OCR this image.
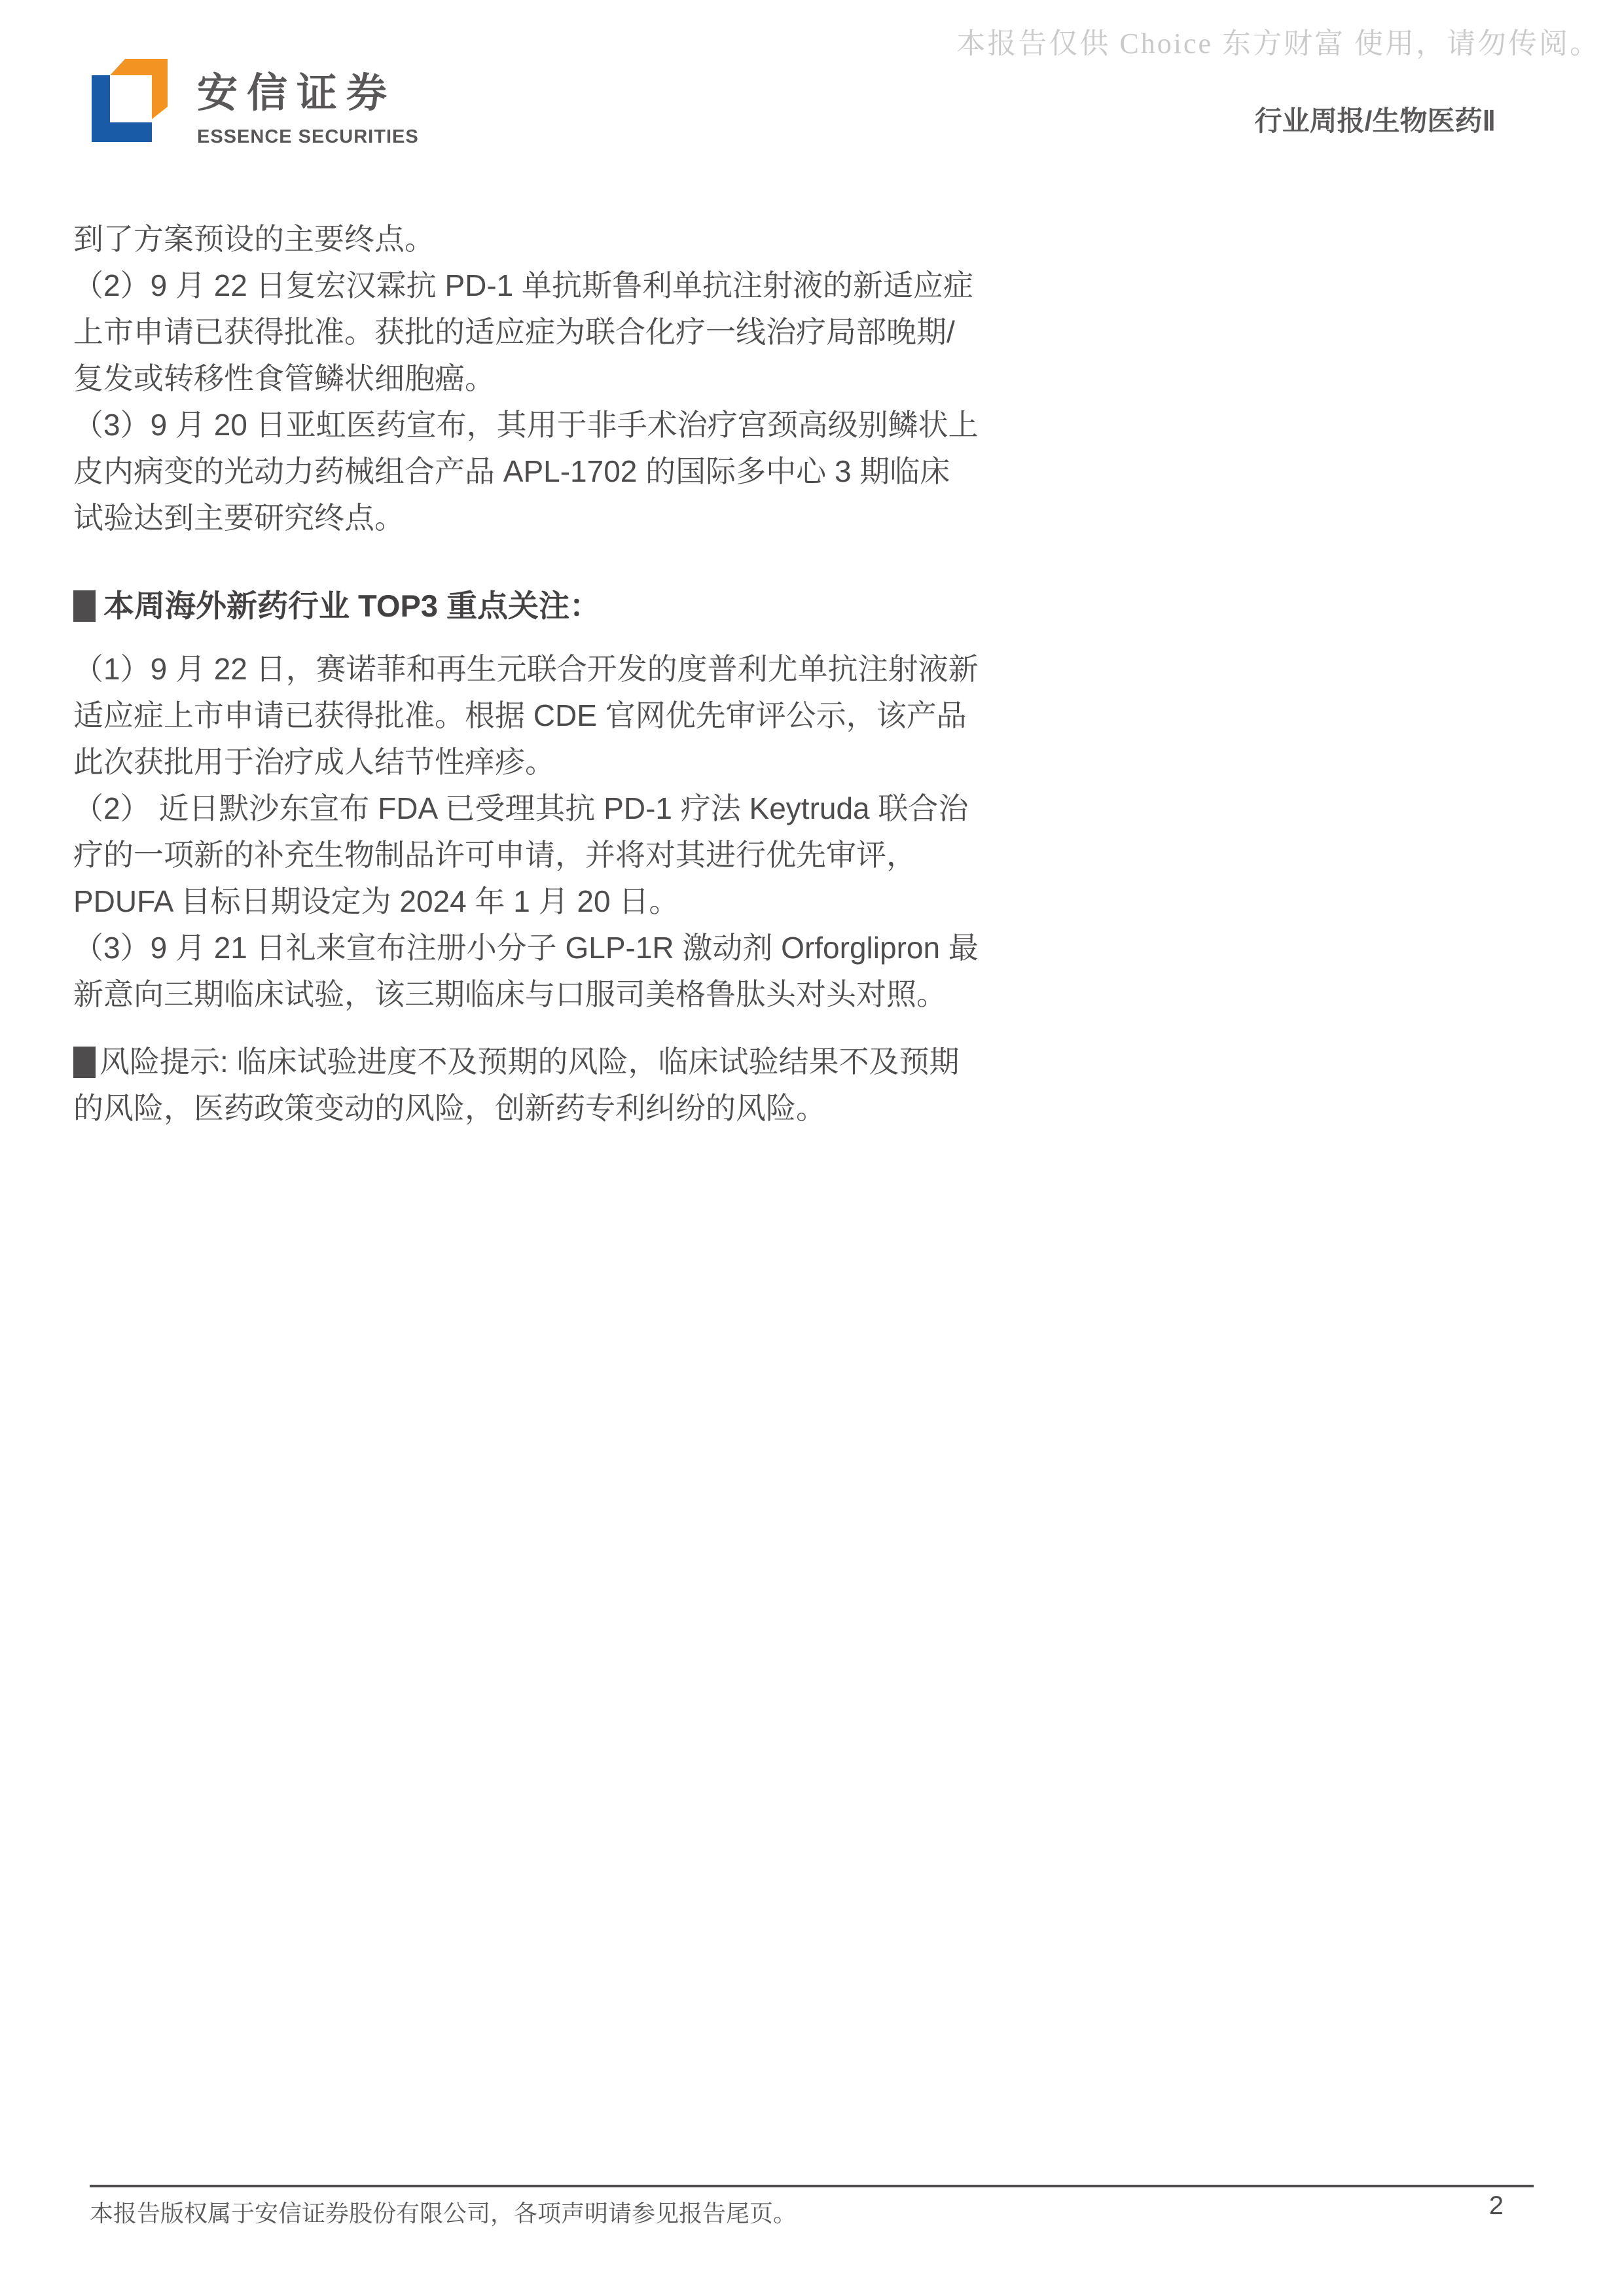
本报告仅供 Choice 东方财富 使用，请勿传阅。
安信证券
ESSENCE SECURITIES
行业周报/生物医药Ⅱ
到了方案预设的主要终点。
（2）9 月 22 日复宏汉霖抗 PD-1 单抗斯鲁利单抗注射液的新适应症
上市申请已获得批准。获批的适应症为联合化疗一线治疗局部晚期/
复发或转移性食管鳞状细胞癌。
（3）9 月 20 日亚虹医药宣布，其用于非手术治疗宫颈高级别鳞状上
皮内病变的光动力药械组合产品 APL-1702 的国际多中心 3 期临床
试验达到主要研究终点。
本周海外新药行业 TOP3 重点关注：
（1）9 月 22 日，赛诺菲和再生元联合开发的度普利尤单抗注射液新
适应症上市申请已获得批准。根据 CDE 官网优先审评公示，该产品
此次获批用于治疗成人结节性痒疹。
（2） 近日默沙东宣布 FDA 已受理其抗 PD-1 疗法 Keytruda 联合治
疗的一项新的补充生物制品许可申请，并将对其进行优先审评，
PDUFA 目标日期设定为 2024 年 1 月 20 日。
（3）9 月 21 日礼来宣布注册小分子 GLP-1R 激动剂 Orforglipron 最
新意向三期临床试验，该三期临床与口服司美格鲁肽头对头对照。
风险提示: 临床试验进度不及预期的风险，临床试验结果不及预期
的风险，医药政策变动的风险，创新药专利纠纷的风险。
本报告版权属于安信证券股份有限公司，各项声明请参见报告尾页。	2
